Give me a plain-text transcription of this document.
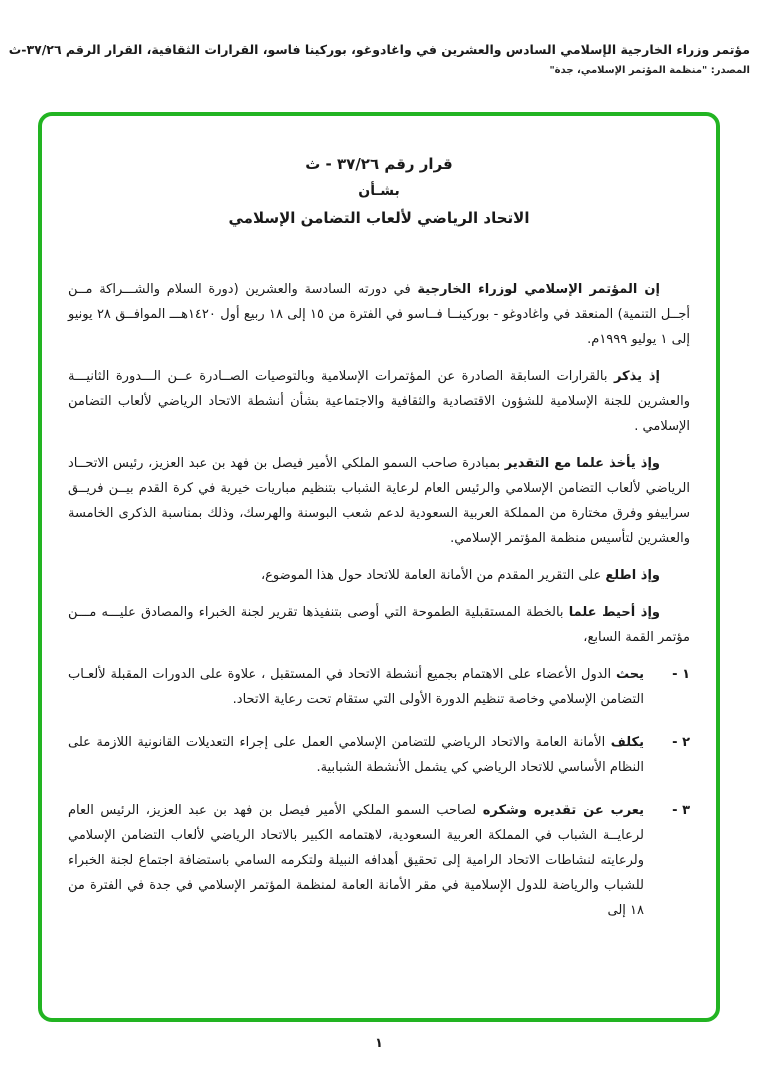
مؤتمر وزراء الخارجية الإسلامي السادس والعشرين في واغادوغو، بوركينا فاسو، القرارات الثقافية، القرار الرقم ٣٧/٢٦-ث
المصدر: "منظمة المؤتمر الإسلامي، جدة"
قرار رقم ٣٧/٢٦ - ث
بشـأن
الاتحاد الرياضي لألعاب التضامن الإسلامي

إن المؤتمر الإسلامي لوزراء الخارجية في دورته السادسة والعشرين (دورة السلام والشـــراكة مــن أجــل التنمية) المنعقد في واغادوغو - بوركينــا فــاسو في الفترة من ١٥ إلى ١٨ ربيع أول ١٤٢٠هـــ الموافــق ٢٨ يونيو إلى ١ يوليو ١٩٩٩م.

إذ يذكر بالقرارات السابقة الصادرة عن المؤتمرات الإسلامية وبالتوصيات الصــادرة عــن الـــدورة الثانيـــة والعشرين للجنة الإسلامية للشؤون الاقتصادية والثقافية والاجتماعية بشأن أنشطة الاتحاد الرياضي لألعاب التضامن الإسلامي .

وإذ يأخذ علما مع التقدير بمبادرة صاحب السمو الملكي الأمير فيصل بن فهد بن عبد العزيز، رئيس الاتحــاد الرياضي لألعاب التضامن الإسلامي والرئيس العام لرعاية الشباب بتنظيم مباريات خيرية في كرة القدم بيــن فريــق سراييفو وفرق مختارة من المملكة العربية السعودية لدعم شعب البوسنة والهرسك، وذلك بمناسبة الذكرى الخامسة والعشرين لتأسيس منظمة المؤتمر الإسلامي.

وإذ اطلع على التقرير المقدم من الأمانة العامة للاتحاد حول هذا الموضوع،

وإذ أحيط علما بالخطة المستقبلية الطموحة التي أوصى بتنفيذها تقرير لجنة الخبراء والمصادق عليـــه مـــن مؤتمر القمة السابع،

١ -

يحث الدول الأعضاء على الاهتمام بجميع أنشطة الاتحاد في المستقبل ، علاوة على الدورات المقبلة لألعـاب التضامن الإسلامي وخاصة تنظيم الدورة الأولى التي ستقام تحت رعاية الاتحاد.

٢ -

يكلف الأمانة العامة والاتحاد الرياضي للتضامن الإسلامي العمل على إجراء التعديلات القانونية اللازمة على النظام الأساسي للاتحاد الرياضي كي يشمل الأنشطة الشبابية.

٣ -

يعرب عن تقديره وشكره لصاحب السمو الملكي الأمير فيصل بن فهد بن عبد العزيز، الرئيس العام لرعايــة الشباب في المملكة العربية السعودية، لاهتمامه الكبير بالاتحاد الرياضي لألعاب التضامن الإسلامي ولرعايته لنشاطات الاتحاد الرامية إلى تحقيق أهدافه النبيلة ولتكرمه السامي باستضافة اجتماع لجنة الخبراء للشباب والرياضة للدول الإسلامية في مقر الأمانة العامة لمنظمة المؤتمر الإسلامي في جدة في الفترة من ١٨ إلى

١
